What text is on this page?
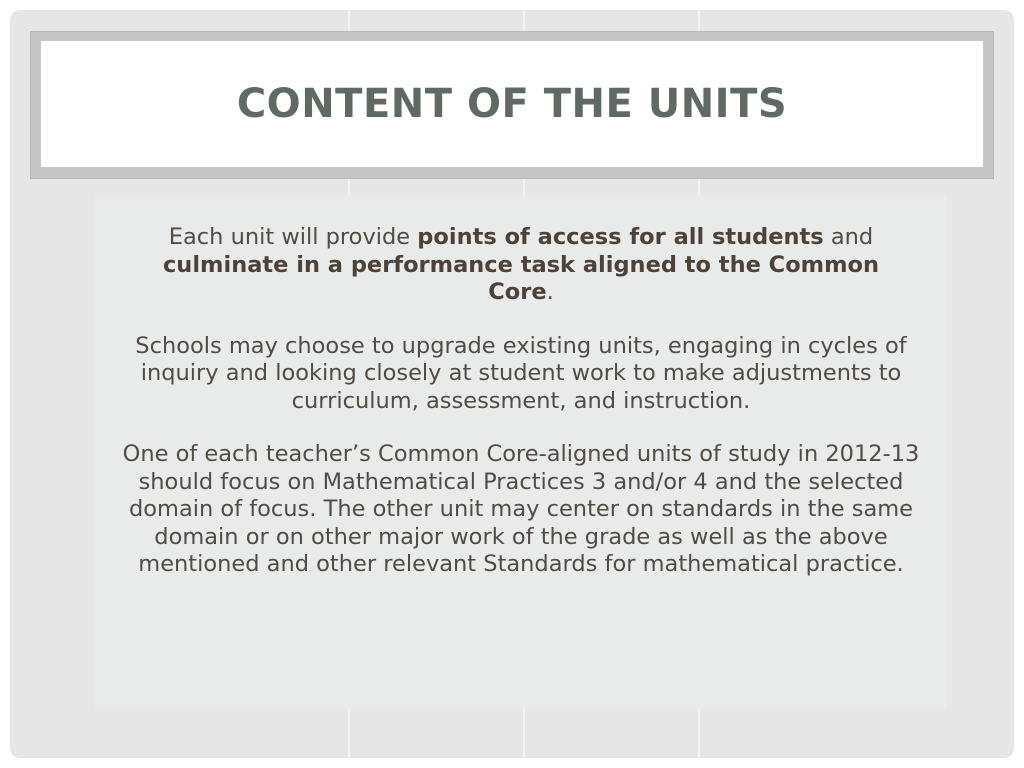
CONTENT OF THE UNITS

Each unit will provide points of access for all students and culminate in a performance task aligned to the Common Core.

Schools may choose to upgrade existing units, engaging in cycles of inquiry and looking closely at student work to make adjustments to curriculum, assessment, and instruction.

One of each teacher’s Common Core-aligned units of study in 2012-13 should focus on Mathematical Practices 3 and/or 4 and the selected domain of focus. The other unit may center on standards in the same domain or on other major work of the grade as well as the above mentioned and other relevant Standards for mathematical practice.
